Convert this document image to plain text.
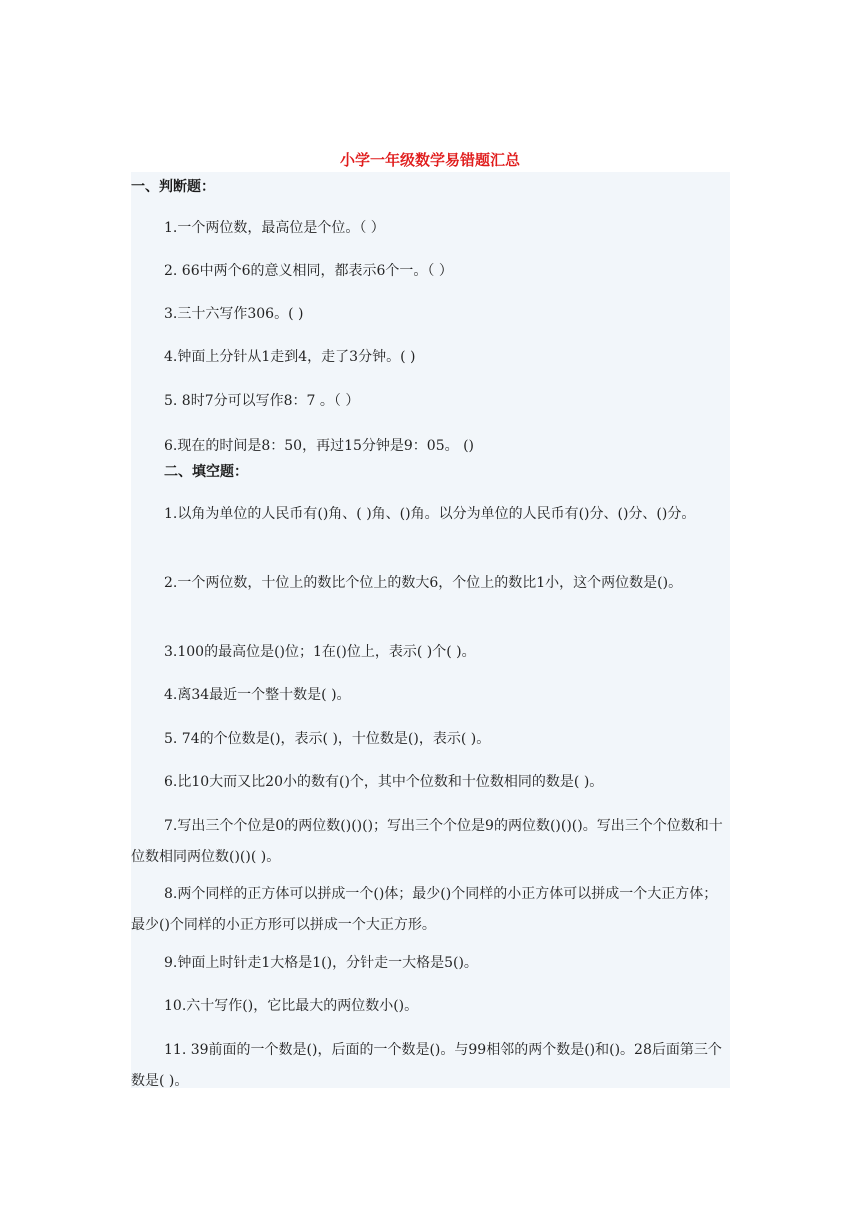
小学一年级数学易错题汇总
一、判断题：
1.一个两位数，最高位是个位。（ ）
2. 66中两个6的意义相同，都表示6个一。（ ）
3.三十六写作306。( )
4.钟面上分针从1走到4，走了3分钟。( )
5. 8时7分可以写作8：7 。（ ）
6.现在的时间是8：50，再过15分钟是9：05。 ()
二、填空题：
1.以角为单位的人民币有()角、( )角、()角。以分为单位的人民币有()分、()分、()分。
2.一个两位数，十位上的数比个位上的数大6，个位上的数比1小，这个两位数是()。
3.100的最高位是()位；1在()位上，表示( )个( )。
4.离34最近一个整十数是( )。
5. 74的个位数是()，表示( )，十位数是()，表示( )。
6.比10大而又比20小的数有()个，其中个位数和十位数相同的数是( )。
7.写出三个个位是0的两位数()()()；写出三个个位是9的两位数()()()。写出三个个位数和十位数相同两位数()()( )。
8.两个同样的正方体可以拼成一个()体；最少()个同样的小正方体可以拼成一个大正方体；最少()个同样的小正方形可以拼成一个大正方形。
9.钟面上时针走1大格是1()，分针走一大格是5()。
10.六十写作()，它比最大的两位数小()。
11. 39前面的一个数是()，后面的一个数是()。与99相邻的两个数是()和()。28后面第三个数是( )。
